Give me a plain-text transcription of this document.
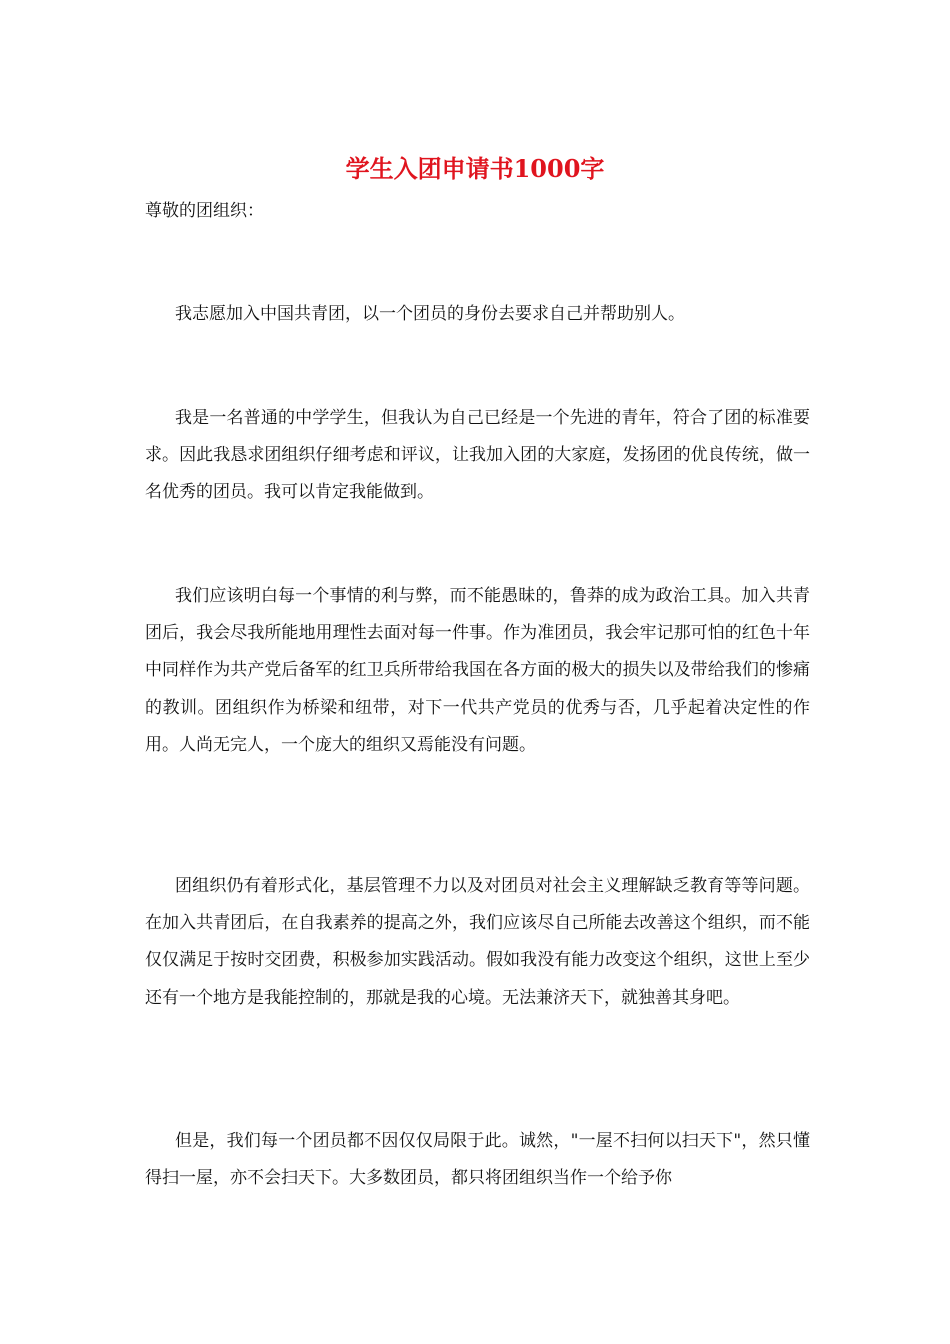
学生入团申请书1000字

尊敬的团组织：

我志愿加入中国共青团，以一个团员的身份去要求自己并帮助别人。

我是一名普通的中学学生，但我认为自己已经是一个先进的青年，符合了团的标准要求。因此我恳求团组织仔细考虑和评议，让我加入团的大家庭，发扬团的优良传统，做一名优秀的团员。我可以肯定我能做到。

我们应该明白每一个事情的利与弊，而不能愚昧的，鲁莽的成为政治工具。加入共青团后，我会尽我所能地用理性去面对每一件事。作为准团员，我会牢记那可怕的红色十年中同样作为共产党后备军的红卫兵所带给我国在各方面的极大的损失以及带给我们的惨痛的教训。团组织作为桥梁和纽带，对下一代共产党员的优秀与否，几乎起着决定性的作用。人尚无完人，一个庞大的组织又焉能没有问题。

团组织仍有着形式化，基层管理不力以及对团员对社会主义理解缺乏教育等等问题。在加入共青团后，在自我素养的提高之外，我们应该尽自己所能去改善这个组织，而不能仅仅满足于按时交团费，积极参加实践活动。假如我没有能力改变这个组织，这世上至少还有一个地方是我能控制的，那就是我的心境。无法兼济天下，就独善其身吧。

但是，我们每一个团员都不因仅仅局限于此。诚然，"一屋不扫何以扫天下"，然只懂得扫一屋，亦不会扫天下。大多数团员，都只将团组织当作一个给予你
